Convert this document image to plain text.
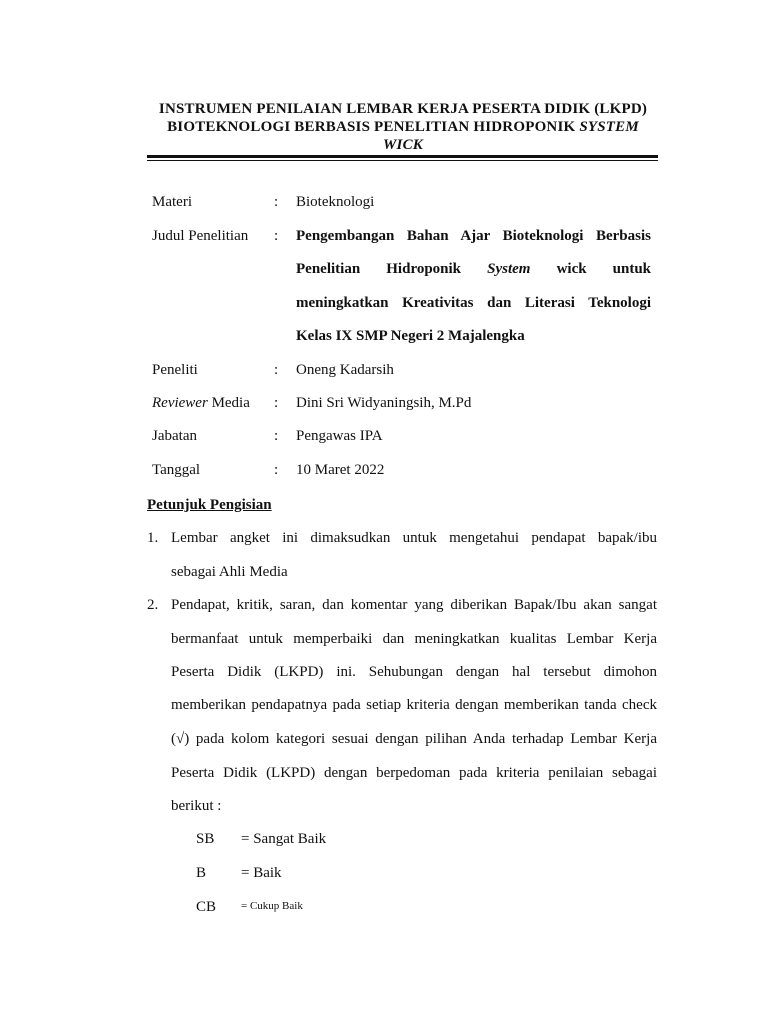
INSTRUMEN PENILAIAN LEMBAR KERJA PESERTA DIDIK (LKPD)
BIOTEKNOLOGI BERBASIS PENELITIAN HIDROPONIK SYSTEM
WICK
Materi	: Bioteknologi
Judul Penelitian : Pengembangan Bahan Ajar Bioteknologi Berbasis
Penelitian Hidroponik System wick untuk
meningkatkan Kreativitas dan Literasi Teknologi
Kelas IX SMP Negeri 2 Majalengka
Peneliti	: Oneng Kadarsih
Reviewer Media : Dini Sri Widyaningsih, M.Pd
Jabatan	: Pengawas IPA
Tanggal	: 10 Maret 2022
Petunjuk Pengisian
1. Lembar angket ini dimaksudkan untuk mengetahui pendapat bapak/ibu
sebagai Ahli Media
2. Pendapat, kritik, saran, dan komentar yang diberikan Bapak/Ibu akan sangat
bermanfaat untuk memperbaiki dan meningkatkan kualitas Lembar Kerja
Peserta Didik (LKPD) ini. Sehubungan dengan hal tersebut dimohon
memberikan pendapatnya pada setiap kriteria dengan memberikan tanda check
(√) pada kolom kategori sesuai dengan pilihan Anda terhadap Lembar Kerja
Peserta Didik (LKPD) dengan berpedoman pada kriteria penilaian sebagai
berikut :
SB = Sangat Baik
B = Baik
CB = Cukup Baik
